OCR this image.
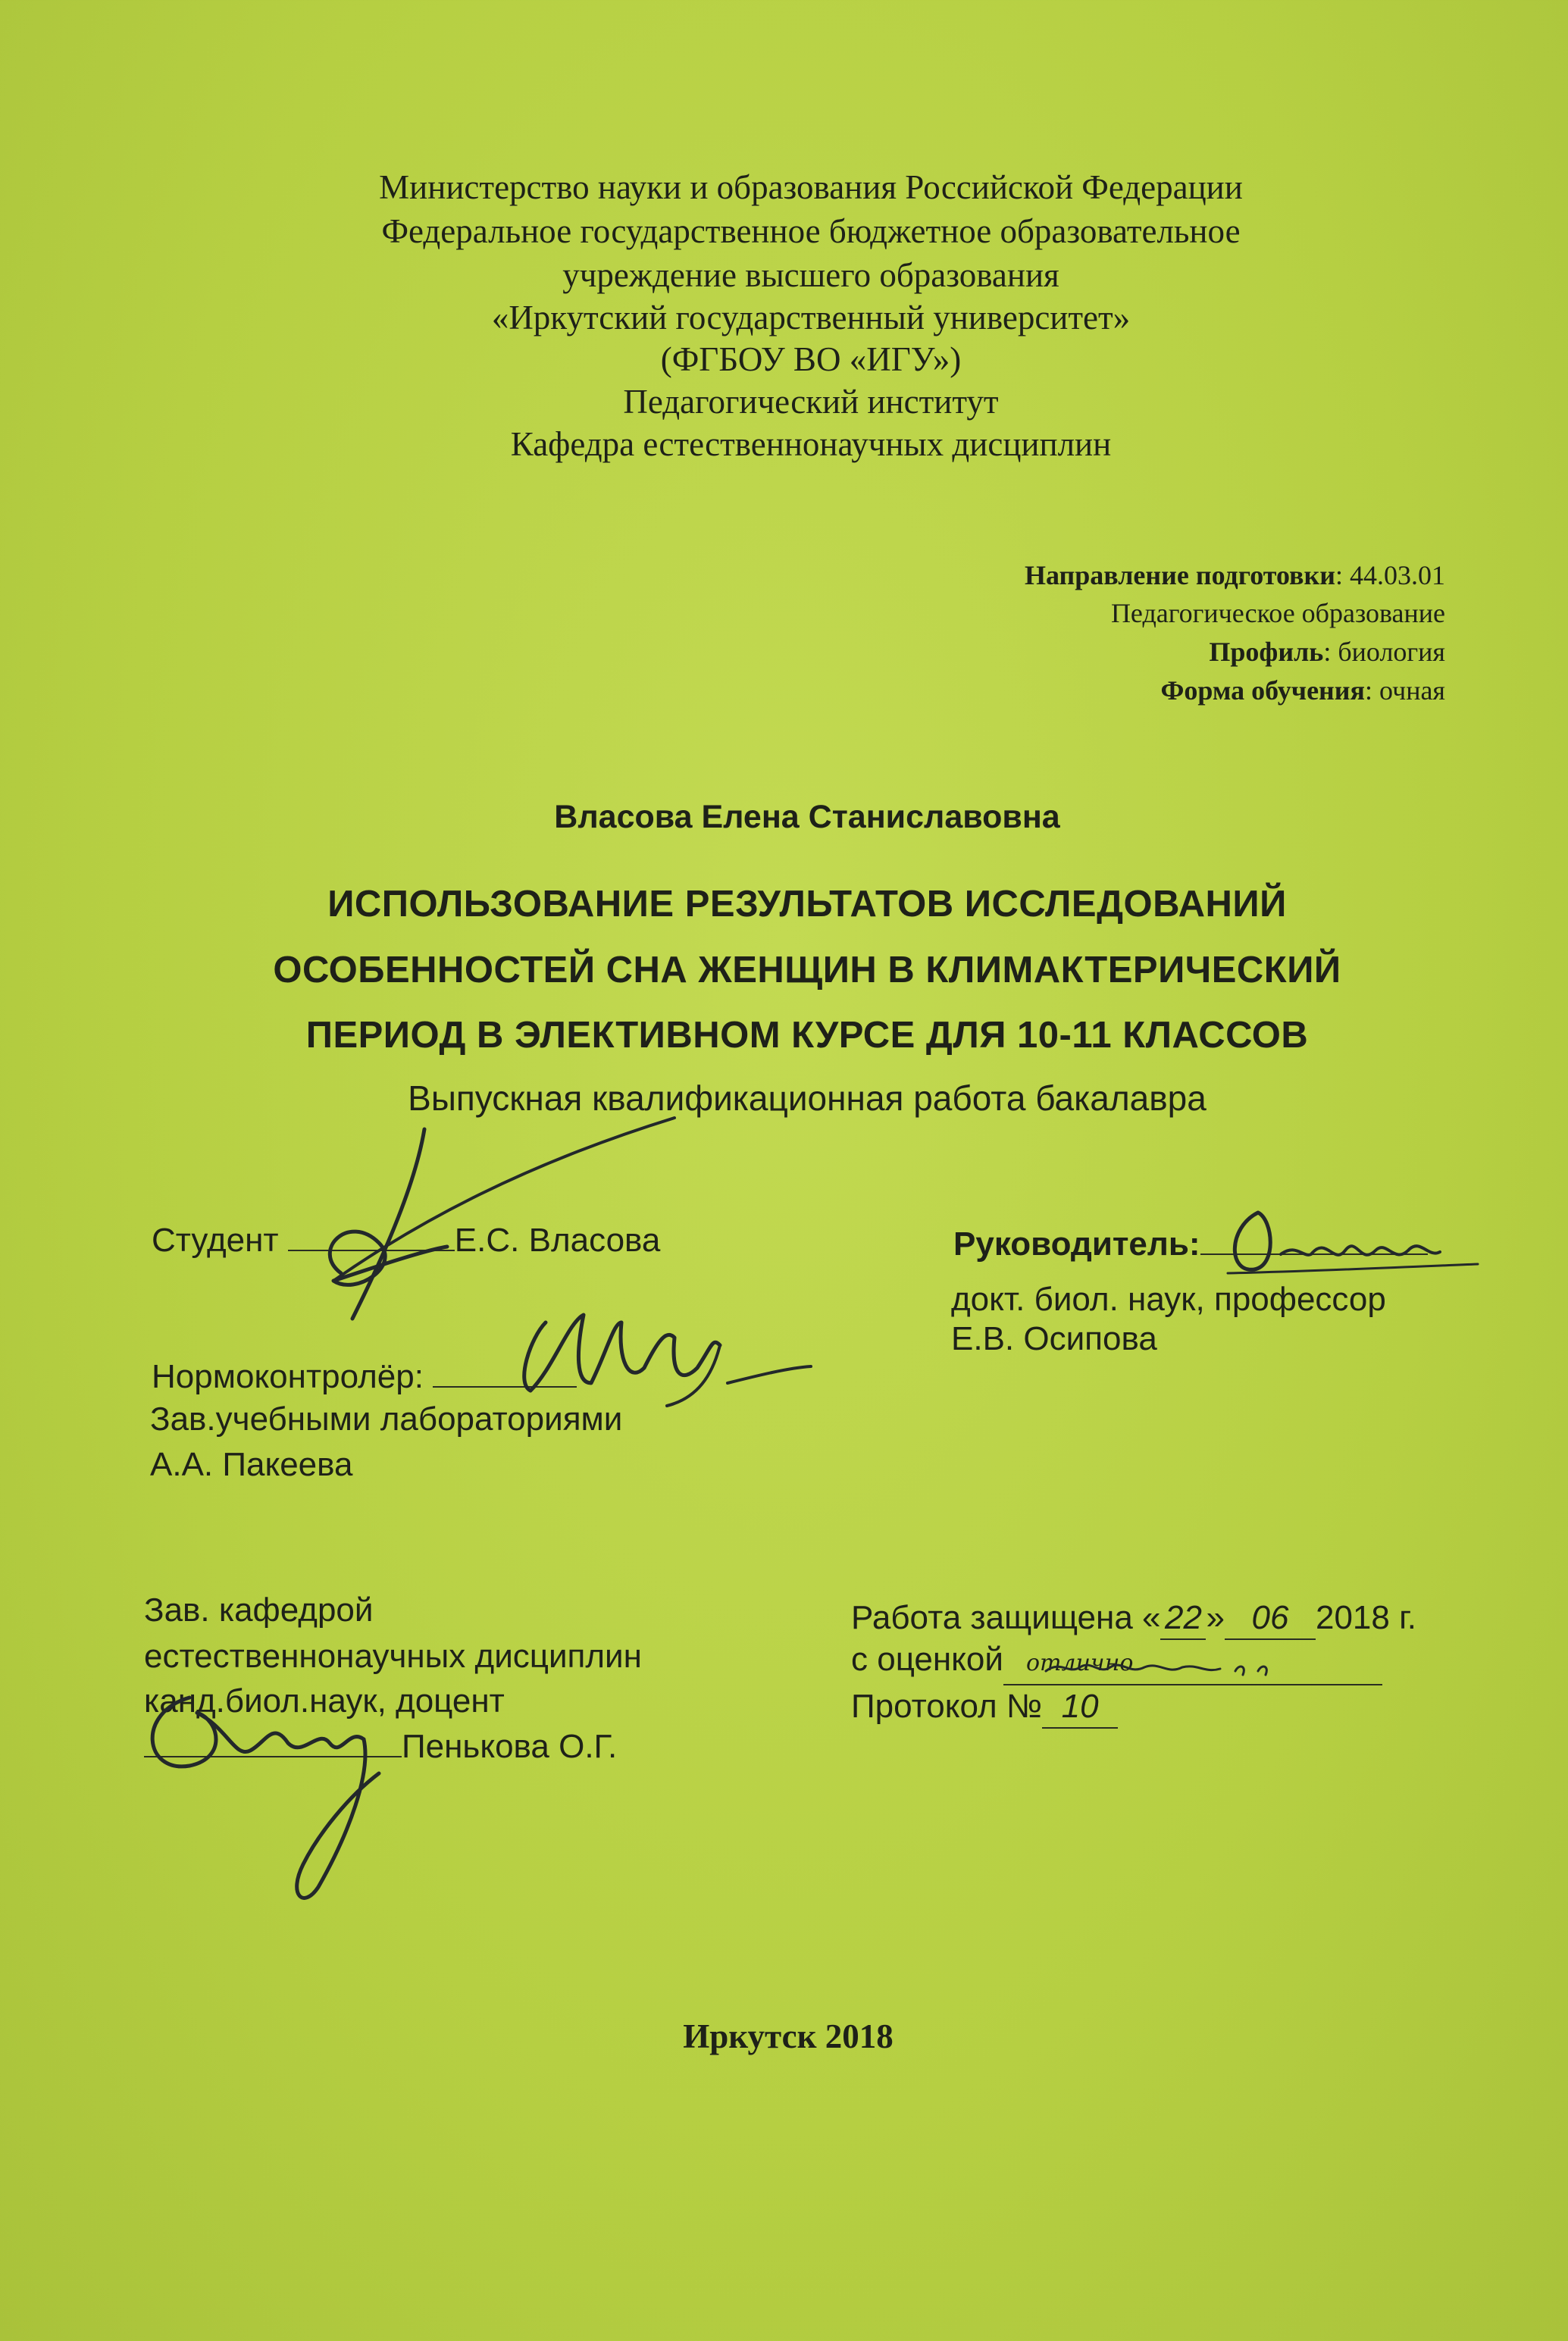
Министерство науки и образования Российской Федерации
Федеральное государственное бюджетное образовательное
учреждение высшего образования
«Иркутский государственный университет»
(ФГБОУ ВО «ИГУ»)
Педагогический институт
Кафедра естественнонаучных дисциплин
Направление подготовки: 44.03.01
Педагогическое образование
Профиль: биология
Форма обучения: очная
Власова Елена Станиславовна
ИСПОЛЬЗОВАНИЕ РЕЗУЛЬТАТОВ ИССЛЕДОВАНИЙ
ОСОБЕННОСТЕЙ СНА ЖЕНЩИН В КЛИМАКТЕРИЧЕСКИЙ
ПЕРИОД В ЭЛЕКТИВНОМ КУРСЕ ДЛЯ 10-11 КЛАССОВ
Выпускная квалификационная работа бакалавра
Студент	Е.С. Власова	Руководитель:
докт. биол. наук, профессор
Е.В. Осипова
Нормоконтролёр:
Зав.учебными лабораториями
А.А. Пакеева
Зав. кафедрой
естественнонаучных дисциплин
канд.биол.наук, доцент
Пенькова О.Г.
Работа защищена « 22 » 06 2018 г.
с оценкой отлично
Протокол № 10
Иркутск 2018
